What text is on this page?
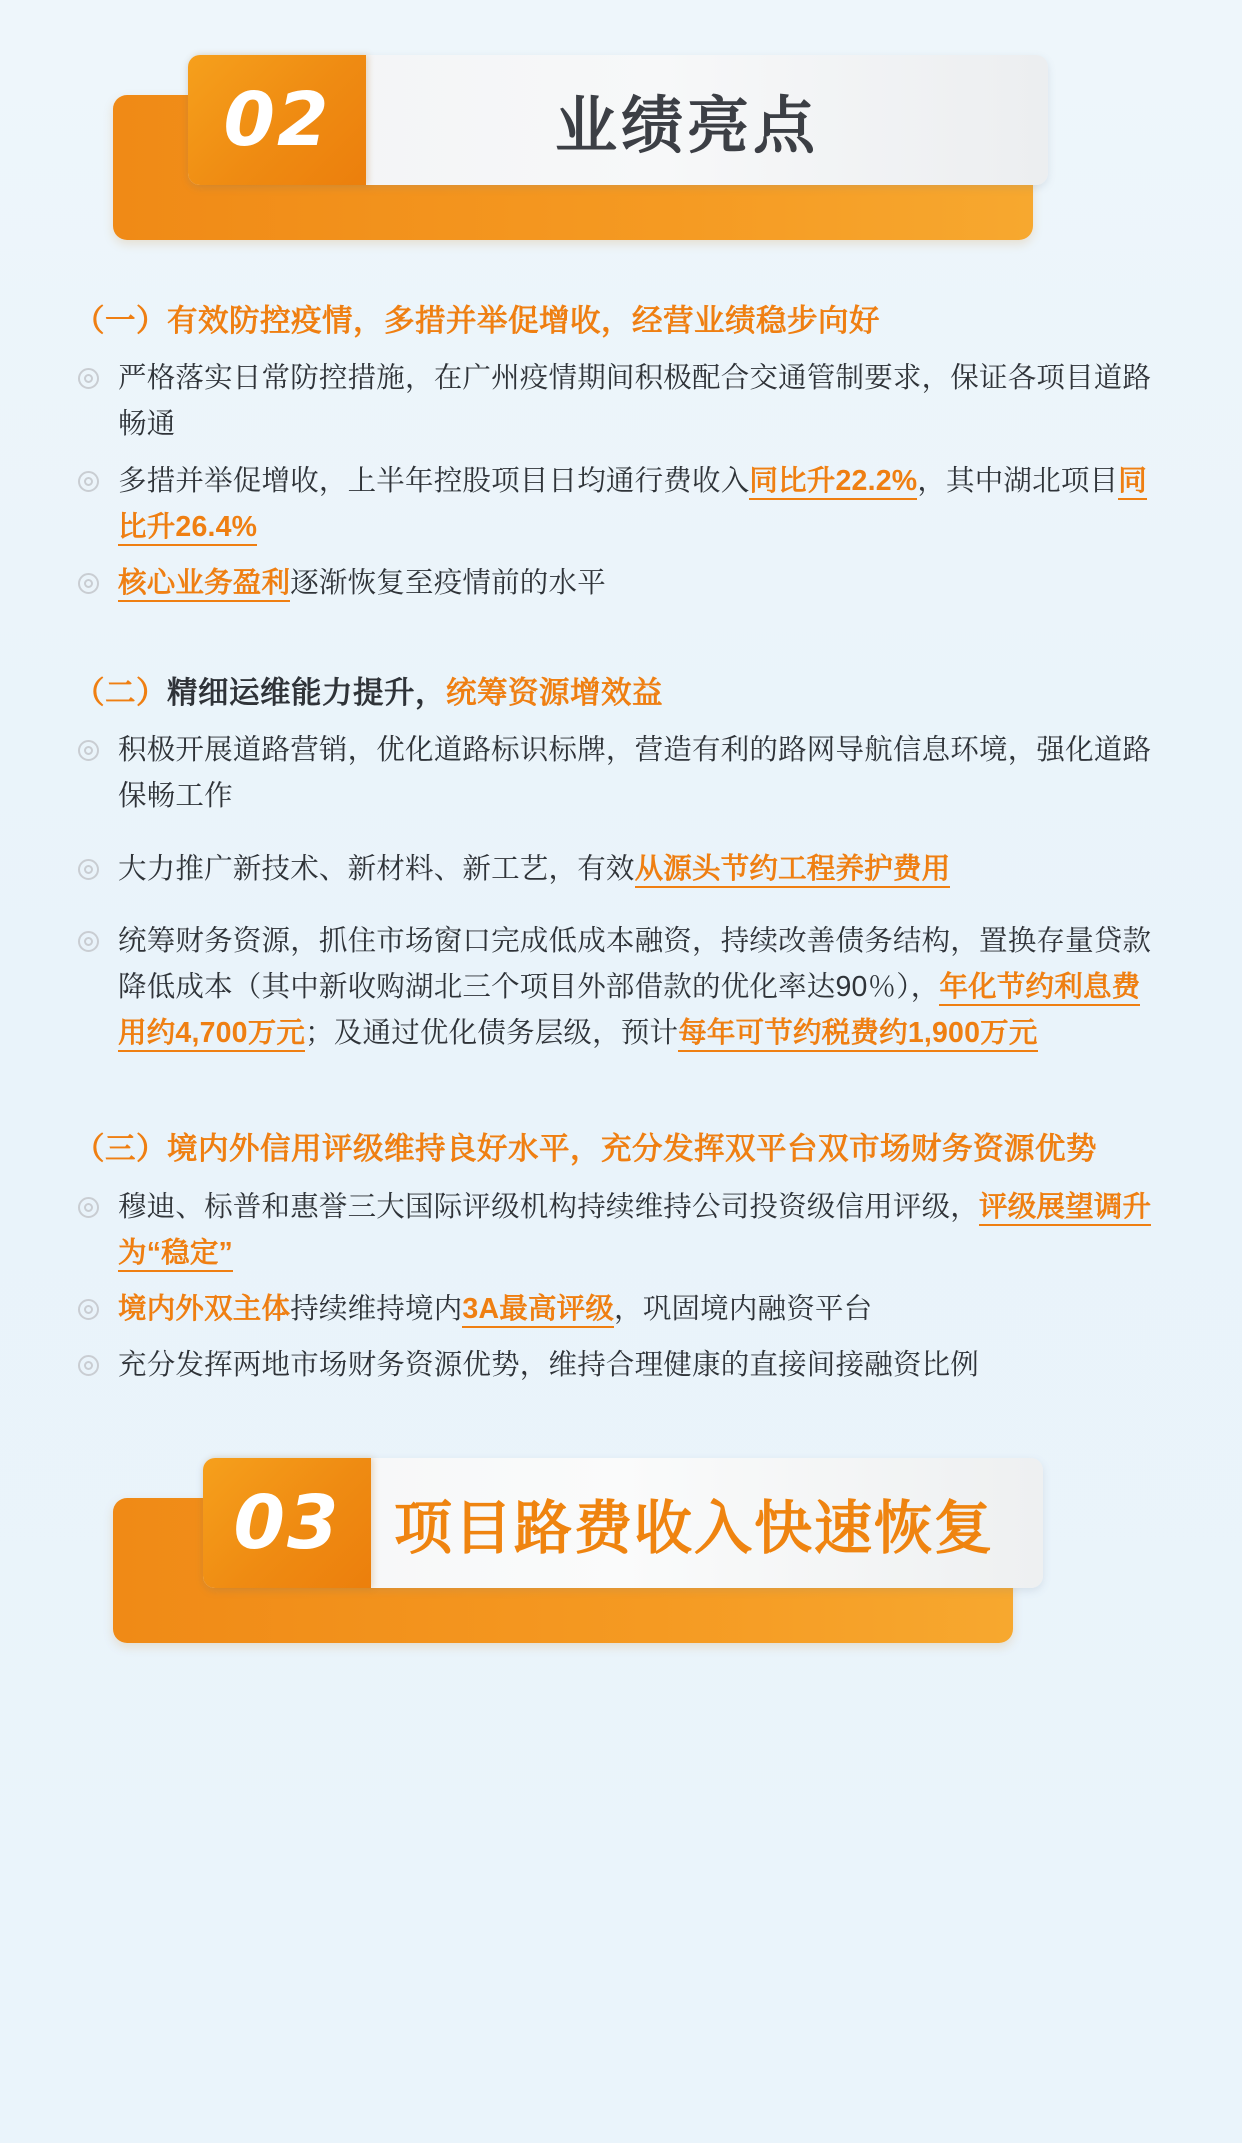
02	业绩亮点

（一）有效防控疫情，多措并举促增收，经营业绩稳步向好

严格落实日常防控措施，在广州疫情期间积极配合交通管制要求，保证各项目道路畅通
多措并举促增收，上半年控股项目日均通行费收入同比升22.2%，其中湖北项目同比升26.4%
核心业务盈利逐渐恢复至疫情前的水平

（二）精细运维能力提升，统筹资源增效益

积极开展道路营销，优化道路标识标牌，营造有利的路网导航信息环境，强化道路保畅工作
大力推广新技术、新材料、新工艺，有效从源头节约工程养护费用
统筹财务资源，抓住市场窗口完成低成本融资，持续改善债务结构，置换存量贷款降低成本（其中新收购湖北三个项目外部借款的优化率达90％），年化节约利息费用约4,700万元；及通过优化债务层级，预计每年可节约税费约1,900万元

（三）境内外信用评级维持良好水平，充分发挥双平台双市场财务资源优势

穆迪、标普和惠誉三大国际评级机构持续维持公司投资级信用评级，评级展望调升为“稳定”
境内外双主体持续维持境内3A最高评级，巩固境内融资平台
充分发挥两地市场财务资源优势，维持合理健康的直接间接融资比例
03 项目路费收入快速恢复
